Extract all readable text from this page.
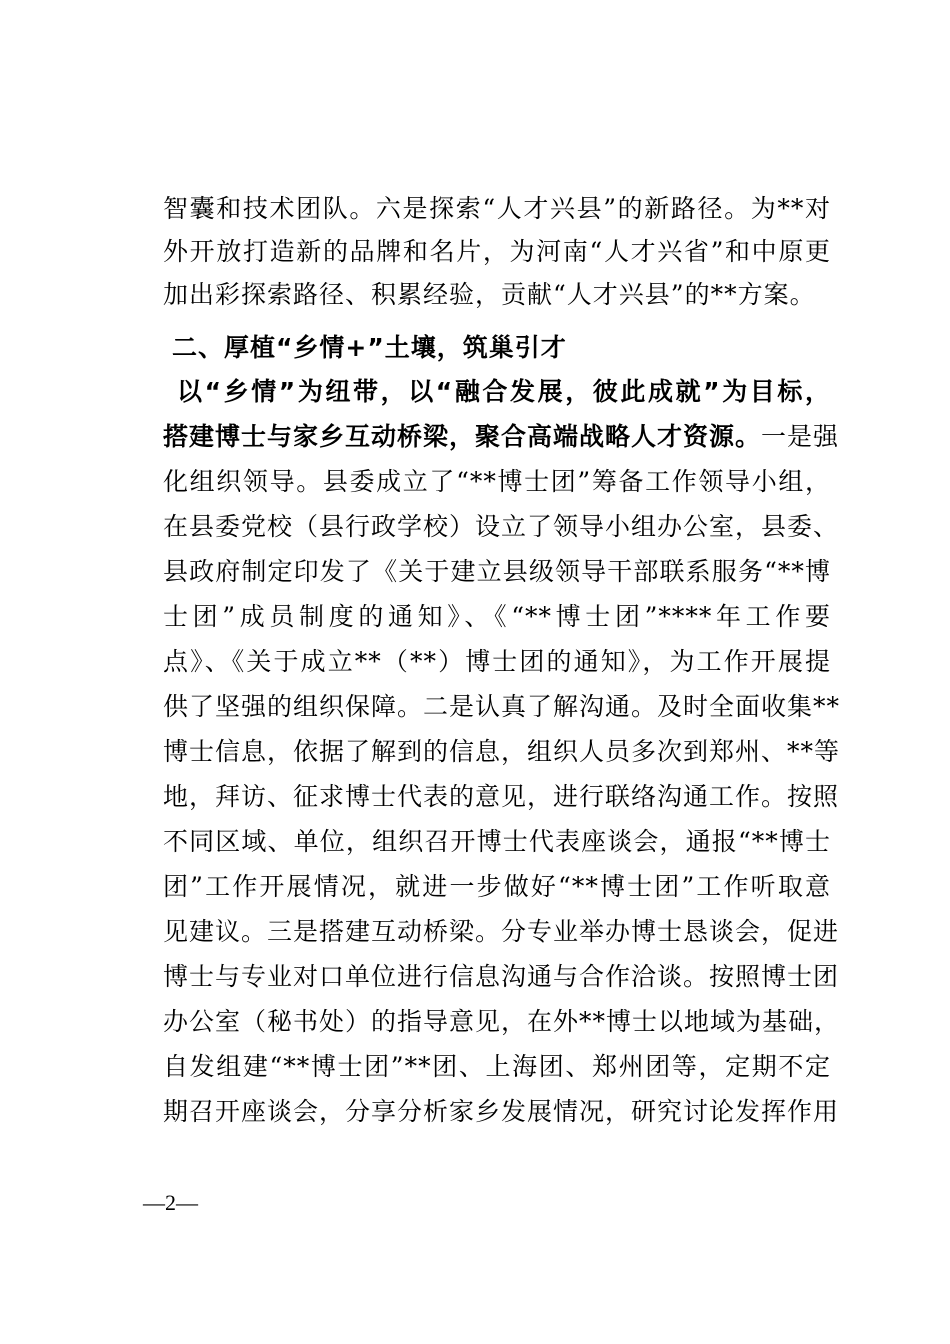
智囊和技术团队。六是探索“人才兴县”的新路径。为**对
外开放打造新的品牌和名片，为河南“人才兴省”和中原更
加出彩探索路径、积累经验，贡献“人才兴县”的**方案。
二、厚植“乡情+”土壤，筑巢引才
以“乡情”为纽带，以“融合发展，彼此成就”为目标，
搭建博士与家乡互动桥梁，聚合高端战略人才资源。一是强
化组织领导。县委成立了“**博士团”筹备工作领导小组，
在县委党校（县行政学校）设立了领导小组办公室，县委、
县政府制定印发了《关于建立县级领导干部联系服务“**博
士团”成员制度的通知》、《“**博士团”****年工作要
点》、《关于成立**（**）博士团的通知》，为工作开展提
供了坚强的组织保障。二是认真了解沟通。及时全面收集**
博士信息，依据了解到的信息，组织人员多次到郑州、**等
地，拜访、征求博士代表的意见，进行联络沟通工作。按照
不同区域、单位，组织召开博士代表座谈会，通报“**博士
团”工作开展情况，就进一步做好“**博士团”工作听取意
见建议。三是搭建互动桥梁。分专业举办博士恳谈会，促进
博士与专业对口单位进行信息沟通与合作洽谈。按照博士团
办公室（秘书处）的指导意见，在外**博士以地域为基础，
自发组建“**博士团”**团、上海团、郑州团等，定期不定
期召开座谈会，分享分析家乡发展情况，研究讨论发挥作用
—2—
